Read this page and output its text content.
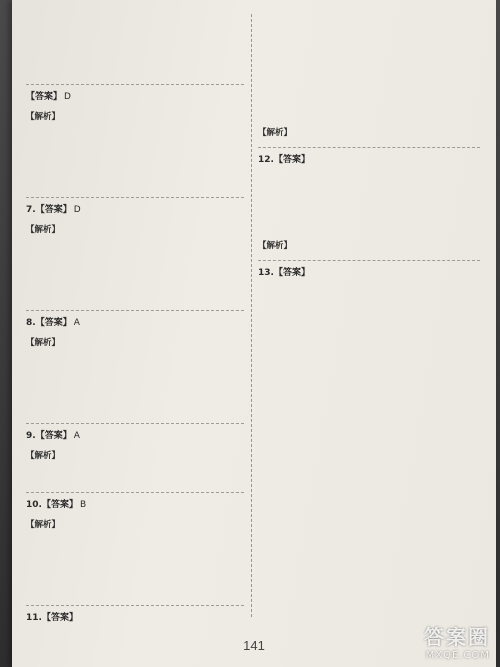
【答案】 D
【解析】
7.【答案】 D
【解析】
8.【答案】 A
【解析】
9.【答案】 A
【解析】
10.【答案】 B
【解析】
11.【答案】
【解析】
12.【答案】
【解析】
13.【答案】
141	答案圈
MXQE.COM
